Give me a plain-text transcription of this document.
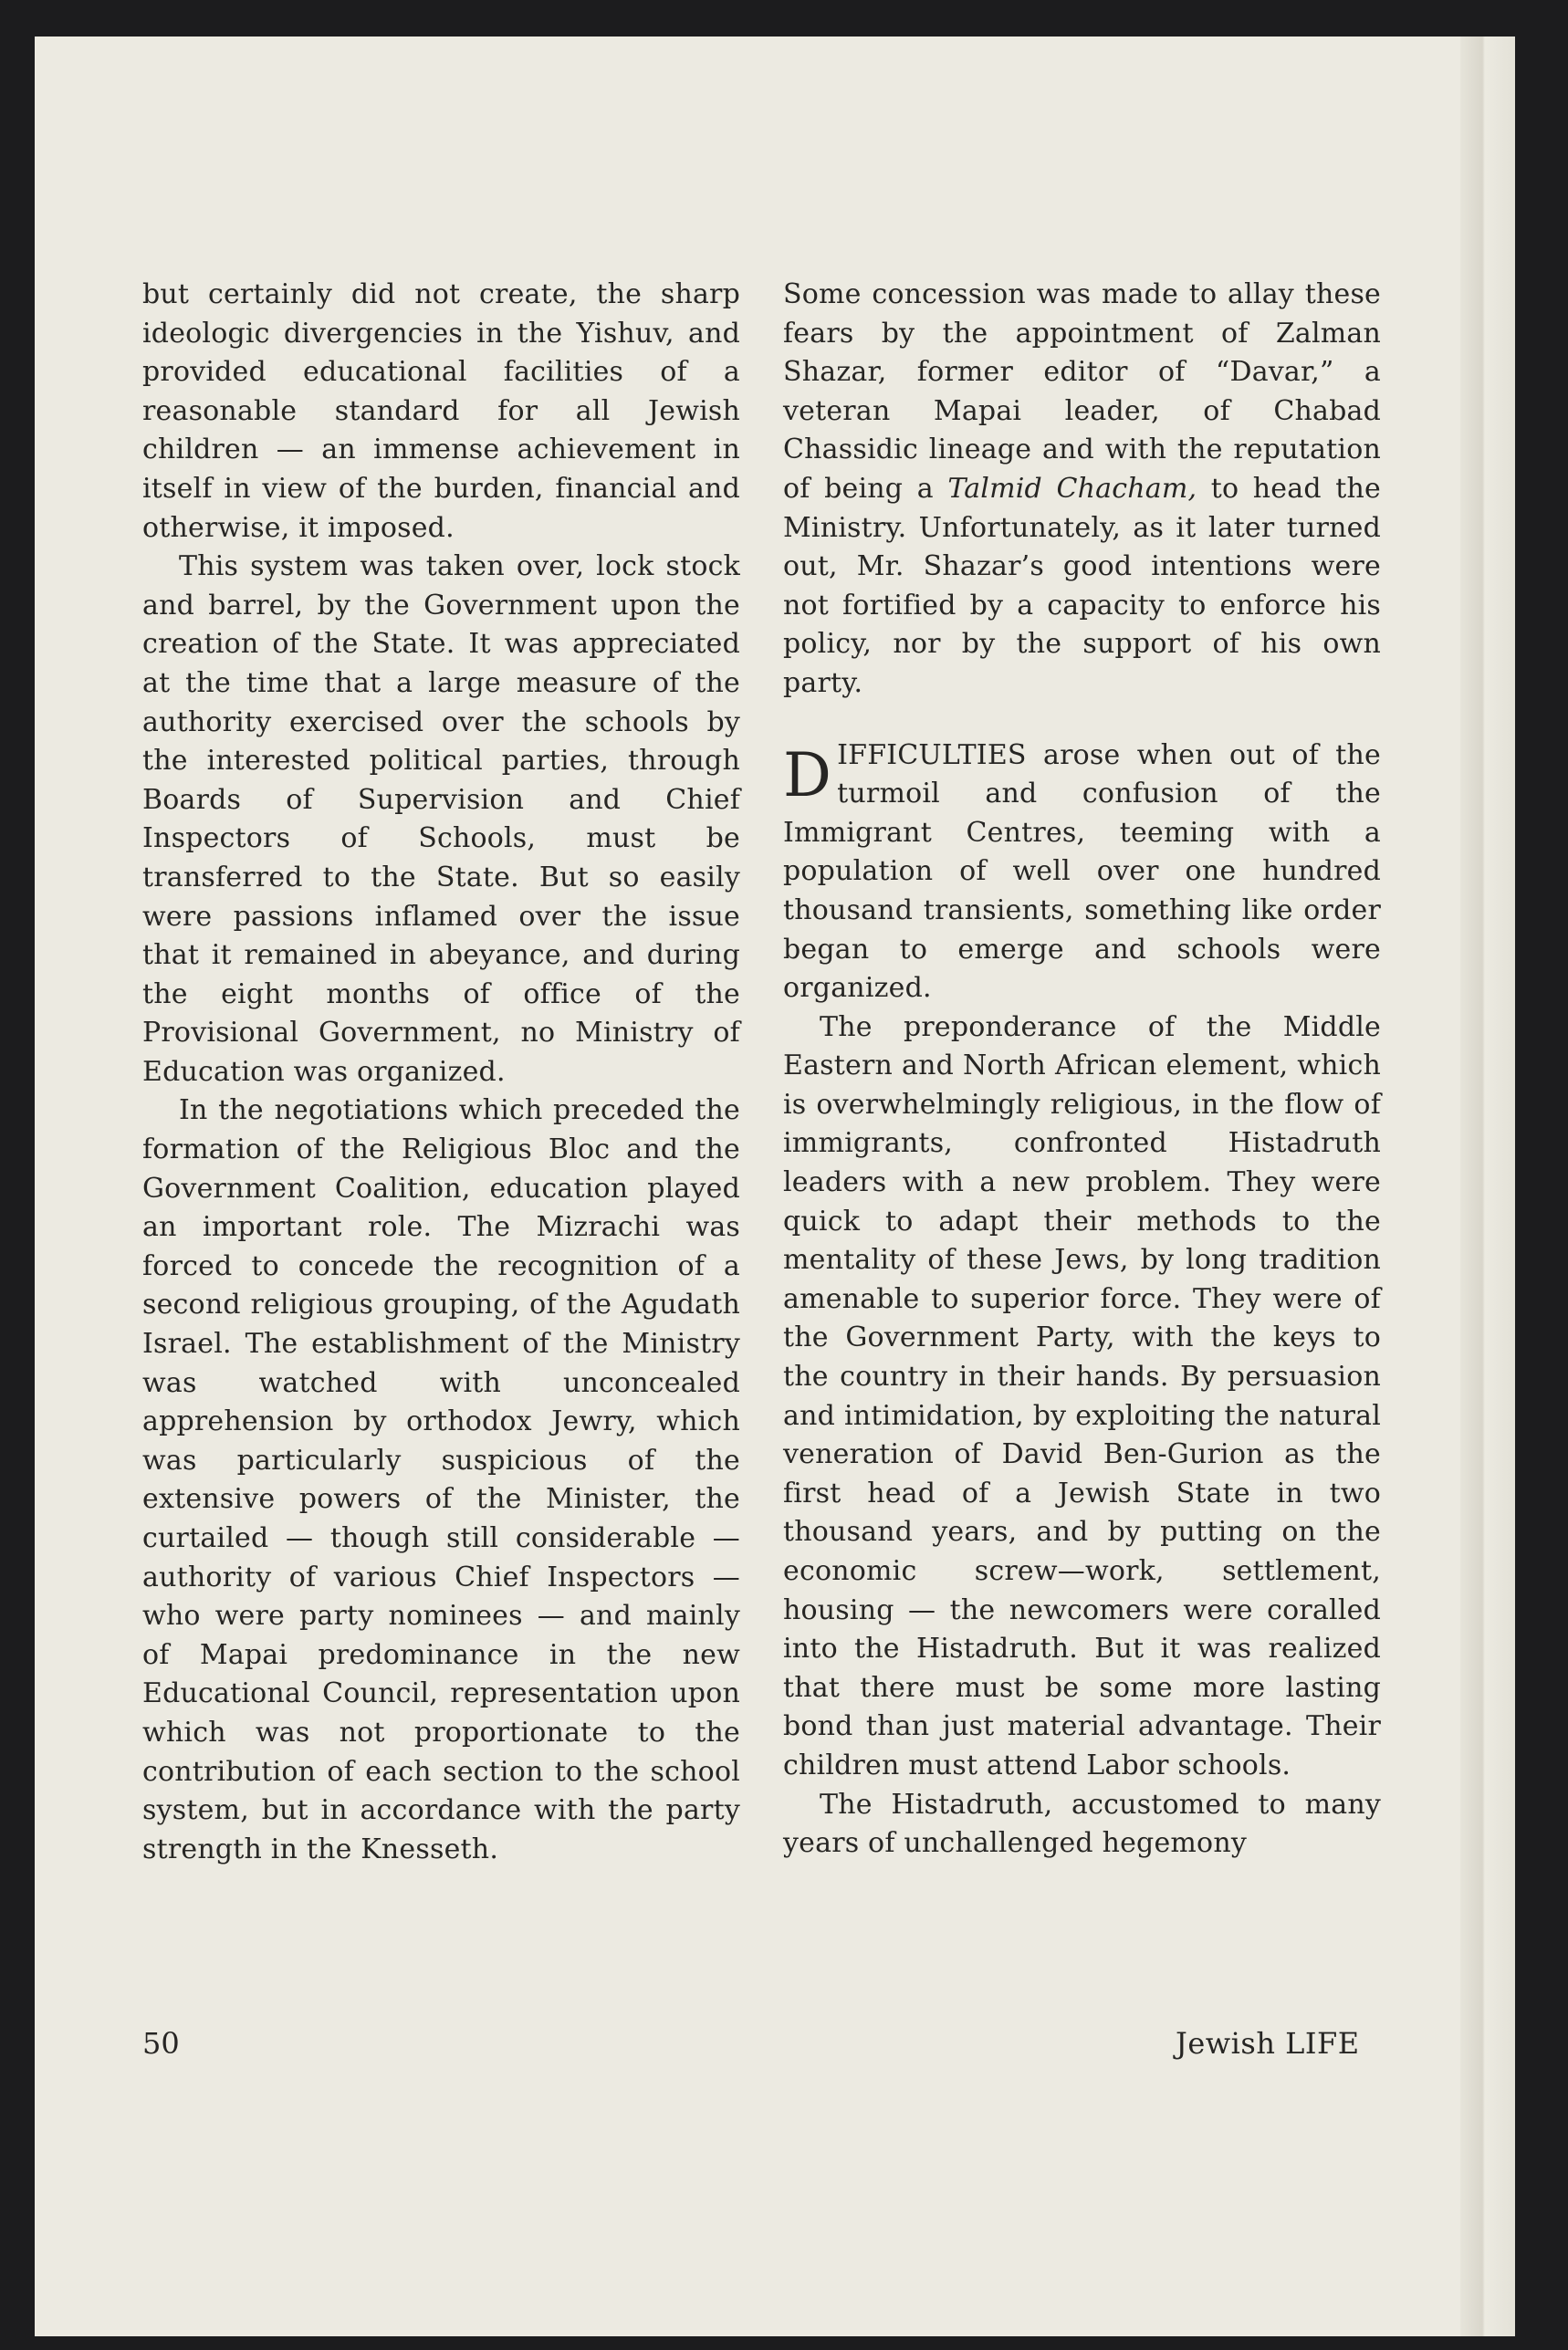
but certainly did not create, the sharp ideologic divergencies in the Yishuv, and provided educational facilities of a reasonable standard for all Jewish children — an immense achievement in itself in view of the burden, financial and otherwise, it imposed.

This system was taken over, lock stock and barrel, by the Government upon the creation of the State. It was appreciated at the time that a large measure of the authority exercised over the schools by the interested political parties, through Boards of Supervision and Chief Inspectors of Schools, must be transferred to the State. But so easily were passions inflamed over the issue that it remained in abeyance, and during the eight months of office of the Provisional Government, no Ministry of Education was organized.

In the negotiations which preceded the formation of the Religious Bloc and the Government Coalition, education played an important role. The Mizrachi was forced to concede the recognition of a second religious grouping, of the Agudath Israel. The establishment of the Ministry was watched with unconcealed apprehension by orthodox Jewry, which was particularly suspicious of the extensive powers of the Minister, the curtailed — though still considerable — authority of various Chief Inspectors — who were party nominees — and mainly of Mapai predominance in the new Educational Council, representation upon which was not proportionate to the contribution of each section to the school system, but in accordance with the party strength in the Knesseth.

Some concession was made to allay these fears by the appointment of Zalman Shazar, former editor of “Davar,” a veteran Mapai leader, of Chabad Chassidic lineage and with the reputation of being a Talmid Chacham, to head the Ministry. Unfortunately, as it later turned out, Mr. Shazar’s good intentions were not fortified by a capacity to enforce his policy, nor by the support of his own party.

DIFFICULTIES arose when out of the turmoil and confusion of the Immigrant Centres, teeming with a population of well over one hundred thousand transients, something like order began to emerge and schools were organized.

The preponderance of the Middle Eastern and North African element, which is overwhelmingly religious, in the flow of immigrants, confronted Histadruth leaders with a new problem. They were quick to adapt their methods to the mentality of these Jews, by long tradition amenable to superior force. They were of the Government Party, with the keys to the country in their hands. By persuasion and intimidation, by exploiting the natural veneration of David Ben-Gurion as the first head of a Jewish State in two thousand years, and by putting on the economic screw—work, settlement, housing — the newcomers were coralled into the Histadruth. But it was realized that there must be some more lasting bond than just material advantage. Their children must attend Labor schools.

The Histadruth, accustomed to many years of unchallenged hegemony

50	Jewish LIFE
